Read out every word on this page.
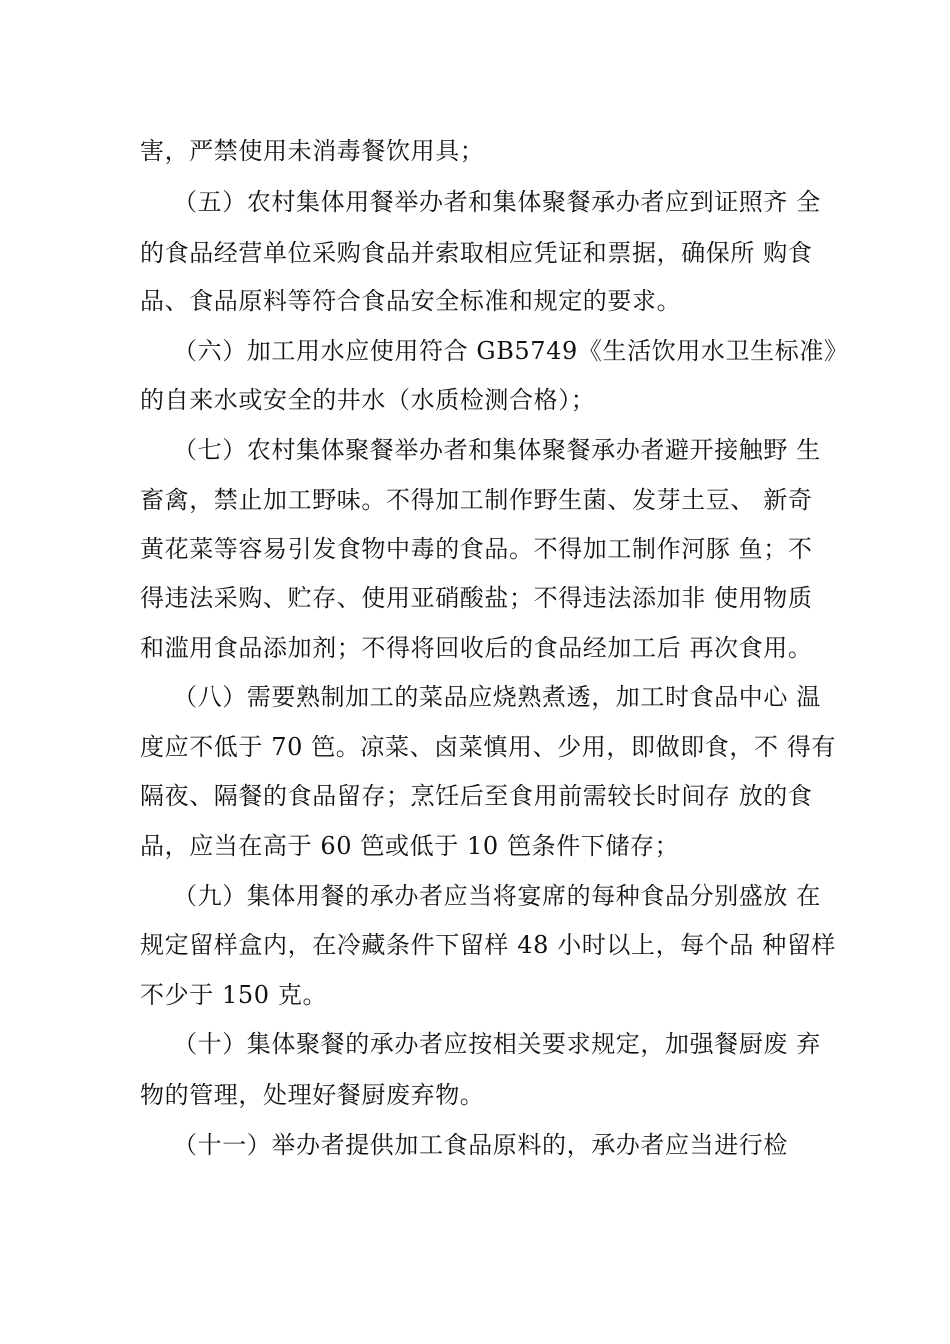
害，严禁使用未消毒餐饮用具；
（五）农村集体用餐举办者和集体聚餐承办者应到证照齐 全
的食品经营单位采购食品并索取相应凭证和票据，确保所 购食
品、食品原料等符合食品安全标准和规定的要求。
（六）加工用水应使用符合 GB5749《生活饮用水卫生标准》
的自来水或安全的井水（水质检测合格）；
（七）农村集体聚餐举办者和集体聚餐承办者避开接触野 生
畜禽，禁止加工野味。不得加工制作野生菌、发芽土豆、 新奇
黄花菜等容易引发食物中毒的食品。不得加工制作河豚 鱼；不
得违法采购、贮存、使用亚硝酸盐；不得违法添加非 使用物质
和滥用食品添加剂；不得将回收后的食品经加工后 再次食用。
（八）需要熟制加工的菜品应烧熟煮透，加工时食品中心 温
度应不低于 70 笆。凉菜、卤菜慎用、少用，即做即食，不 得有
隔夜、隔餐的食品留存；烹饪后至食用前需较长时间存 放的食
品，应当在高于 60 笆或低于 10 笆条件下储存；
（九）集体用餐的承办者应当将宴席的每种食品分别盛放 在
规定留样盒内，在冷藏条件下留样 48 小时以上，每个品 种留样
不少于 150 克。
（十）集体聚餐的承办者应按相关要求规定，加强餐厨废 弃
物的管理，处理好餐厨废弃物。
（十一）举办者提供加工食品原料的，承办者应当进行检
